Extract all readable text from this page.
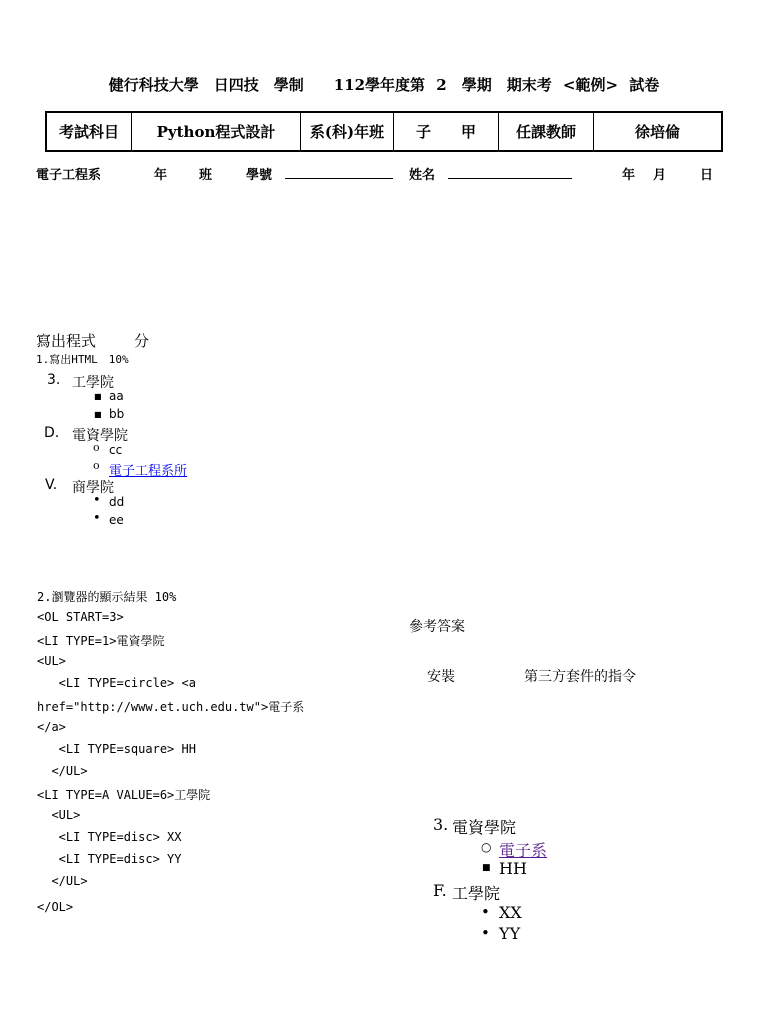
健行科技大學　日四技　學制　　112學年度第 2　學期　期末考 <範例> 試卷
考試科目	Python程式設計	系(科)年班	子　　甲	任課教師	徐培倫
電子工程系	年 班	學號	姓名	年 月	日
寫出程式	分
1.寫出HTML　10%
3. 工學院
■ aa
■ bb
D. 電資學院
o cc
o 電子工程系所
V. 商學院
• dd
• ee
2.瀏覽器的顯示結果 10%
<OL START=3>
<LI TYPE=1>電資學院
<UL>
<LI TYPE=circle> <a
href="http://www.et.uch.edu.tw">電子系
</a>
<LI TYPE=square> HH
</UL>
<LI TYPE=A VALUE=6>工學院
<UL>
<LI TYPE=disc> XX
<LI TYPE=disc> YY
</UL>
</OL>
參考答案
安裝	第三方套件的指令
3. 電資學院
○ 電子系
■ HH
F. 工學院
• XX
• YY
